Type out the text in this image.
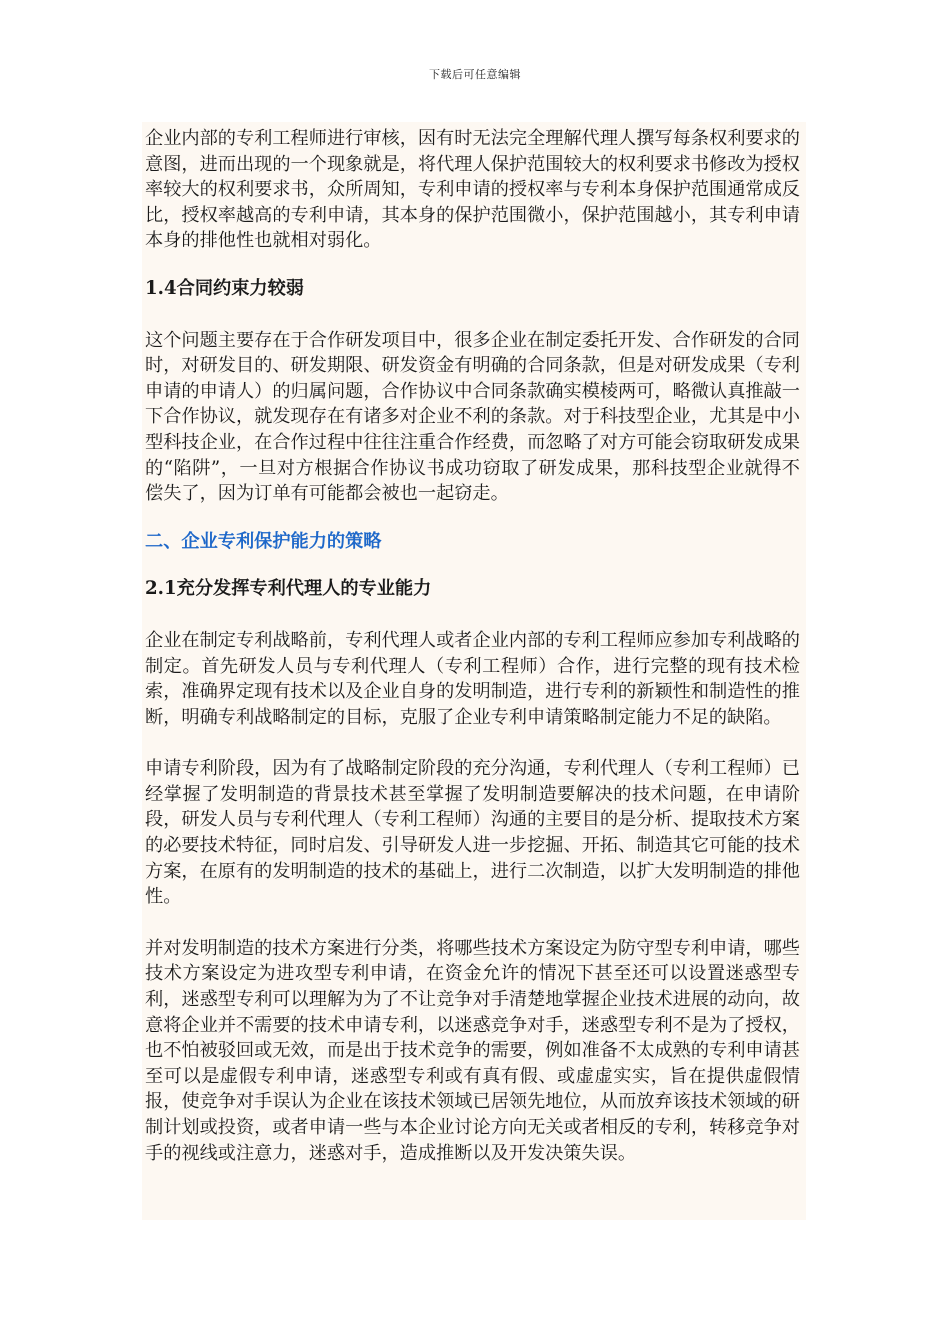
下载后可任意编辑

企业内部的专利工程师进行审核，因有时无法完全理解代理人撰写每条权利要求的意图，进而出现的一个现象就是，将代理人保护范围较大的权利要求书修改为授权率较大的权利要求书，众所周知，专利申请的授权率与专利本身保护范围通常成反比，授权率越高的专利申请，其本身的保护范围微小，保护范围越小，其专利申请本身的排他性也就相对弱化。

1.4合同约束力较弱

这个问题主要存在于合作研发项目中，很多企业在制定委托开发、合作研发的合同时，对研发目的、研发期限、研发资金有明确的合同条款，但是对研发成果（专利申请的申请人）的归属问题，合作协议中合同条款确实模棱两可，略微认真推敲一下合作协议，就发现存在有诸多对企业不利的条款。对于科技型企业，尤其是中小型科技企业，在合作过程中往往注重合作经费，而忽略了对方可能会窃取研发成果的“陷阱”，一旦对方根据合作协议书成功窃取了研发成果，那科技型企业就得不偿失了，因为订单有可能都会被也一起窃走。

二、企业专利保护能力的策略

2.1充分发挥专利代理人的专业能力

企业在制定专利战略前，专利代理人或者企业内部的专利工程师应参加专利战略的制定。首先研发人员与专利代理人（专利工程师）合作，进行完整的现有技术检索，准确界定现有技术以及企业自身的发明制造，进行专利的新颖性和制造性的推断，明确专利战略制定的目标，克服了企业专利申请策略制定能力不足的缺陷。

申请专利阶段，因为有了战略制定阶段的充分沟通，专利代理人（专利工程师）已经掌握了发明制造的背景技术甚至掌握了发明制造要解决的技术问题，在申请阶段，研发人员与专利代理人（专利工程师）沟通的主要目的是分析、提取技术方案的必要技术特征，同时启发、引导研发人进一步挖掘、开拓、制造其它可能的技术方案，在原有的发明制造的技术的基础上，进行二次制造，以扩大发明制造的排他性。

并对发明制造的技术方案进行分类，将哪些技术方案设定为防守型专利申请，哪些技术方案设定为进攻型专利申请，在资金允许的情况下甚至还可以设置迷惑型专利，迷惑型专利可以理解为为了不让竞争对手清楚地掌握企业技术进展的动向，故意将企业并不需要的技术申请专利，以迷惑竞争对手，迷惑型专利不是为了授权，也不怕被驳回或无效，而是出于技术竞争的需要，例如准备不太成熟的专利申请甚至可以是虚假专利申请，迷惑型专利或有真有假、或虚虚实实，旨在提供虚假情报，使竞争对手误认为企业在该技术领域已居领先地位，从而放弃该技术领域的研制计划或投资，或者申请一些与本企业讨论方向无关或者相反的专利，转移竞争对手的视线或注意力，迷惑对手，造成推断以及开发决策失误。
